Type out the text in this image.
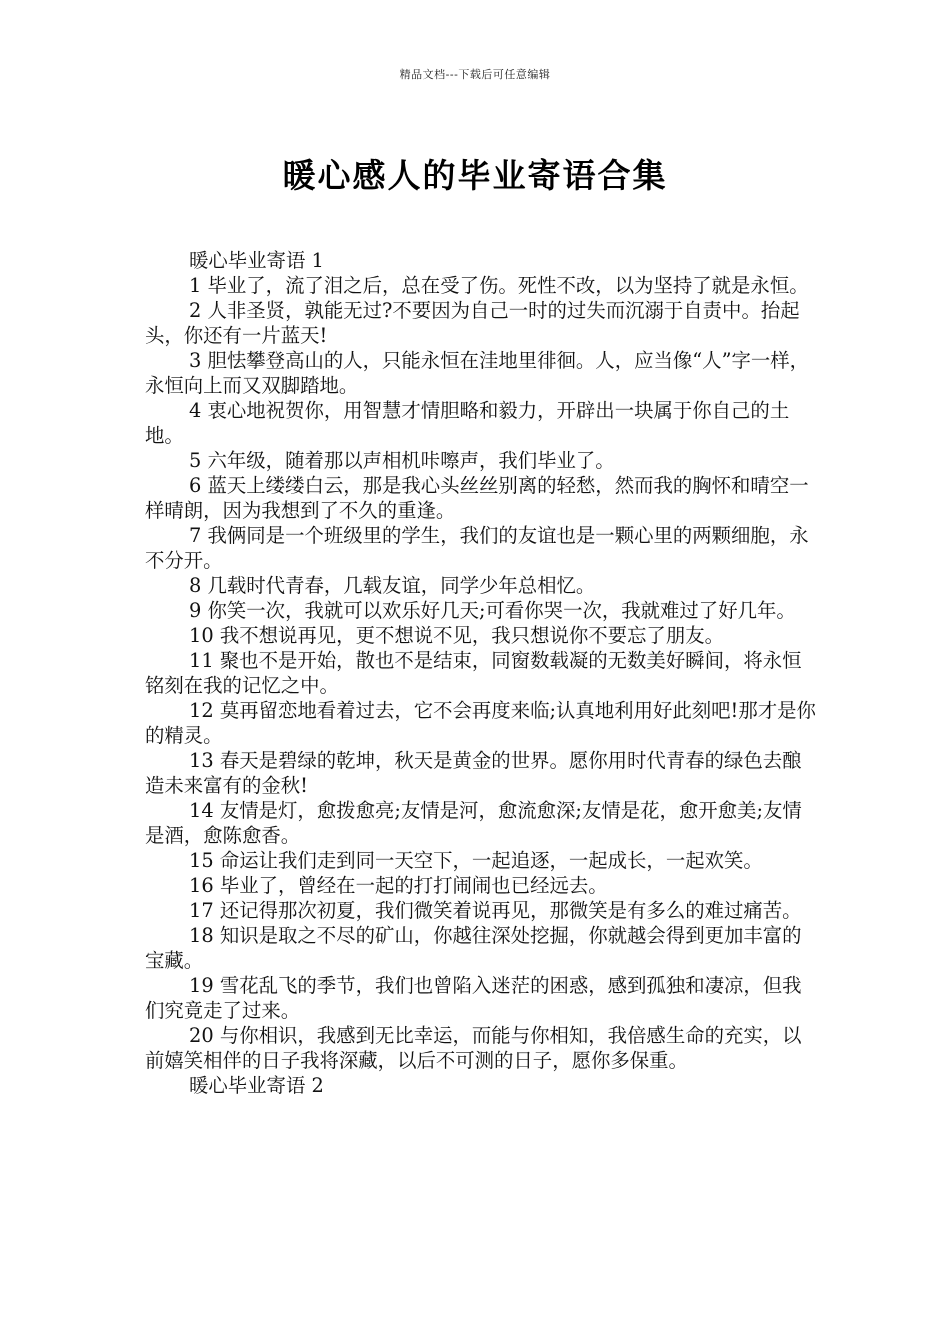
精品文档---下载后可任意编辑
暖心感人的毕业寄语合集

暖心毕业寄语 1

1 毕业了，流了泪之后，总在受了伤。死性不改，以为坚持了就是永恒。

2 人非圣贤，孰能无过?不要因为自己一时的过失而沉溺于自责中。抬起头，你还有一片蓝天!

3 胆怯攀登高山的人，只能永恒在洼地里徘徊。人，应当像“人”字一样，永恒向上而又双脚踏地。

4 衷心地祝贺你，用智慧才情胆略和毅力，开辟出一块属于你自己的土地。

5 六年级，随着那以声相机咔嚓声，我们毕业了。

6 蓝天上缕缕白云，那是我心头丝丝别离的轻愁，然而我的胸怀和晴空一样晴朗，因为我想到了不久的重逢。

7 我俩同是一个班级里的学生，我们的友谊也是一颗心里的两颗细胞，永不分开。

8 几载时代青春，几载友谊，同学少年总相忆。

9 你笑一次，我就可以欢乐好几天;可看你哭一次，我就难过了好几年。

10 我不想说再见，更不想说不见，我只想说你不要忘了朋友。

11 聚也不是开始，散也不是结束，同窗数载凝的无数美好瞬间，将永恒铭刻在我的记忆之中。

12 莫再留恋地看着过去，它不会再度来临;认真地利用好此刻吧!那才是你的精灵。

13 春天是碧绿的乾坤，秋天是黄金的世界。愿你用时代青春的绿色去酿造未来富有的金秋!

14 友情是灯，愈拨愈亮;友情是河，愈流愈深;友情是花，愈开愈美;友情是酒，愈陈愈香。

15 命运让我们走到同一天空下，一起追逐，一起成长，一起欢笑。

16 毕业了，曾经在一起的打打闹闹也已经远去。

17 还记得那次初夏，我们微笑着说再见，那微笑是有多么的难过痛苦。

18 知识是取之不尽的矿山，你越往深处挖掘，你就越会得到更加丰富的宝藏。

19 雪花乱飞的季节，我们也曾陷入迷茫的困惑，感到孤独和凄凉，但我们究竟走了过来。

20 与你相识，我感到无比幸运，而能与你相知，我倍感生命的充实，以前嬉笑相伴的日子我将深藏，以后不可测的日子，愿你多保重。

暖心毕业寄语 2
